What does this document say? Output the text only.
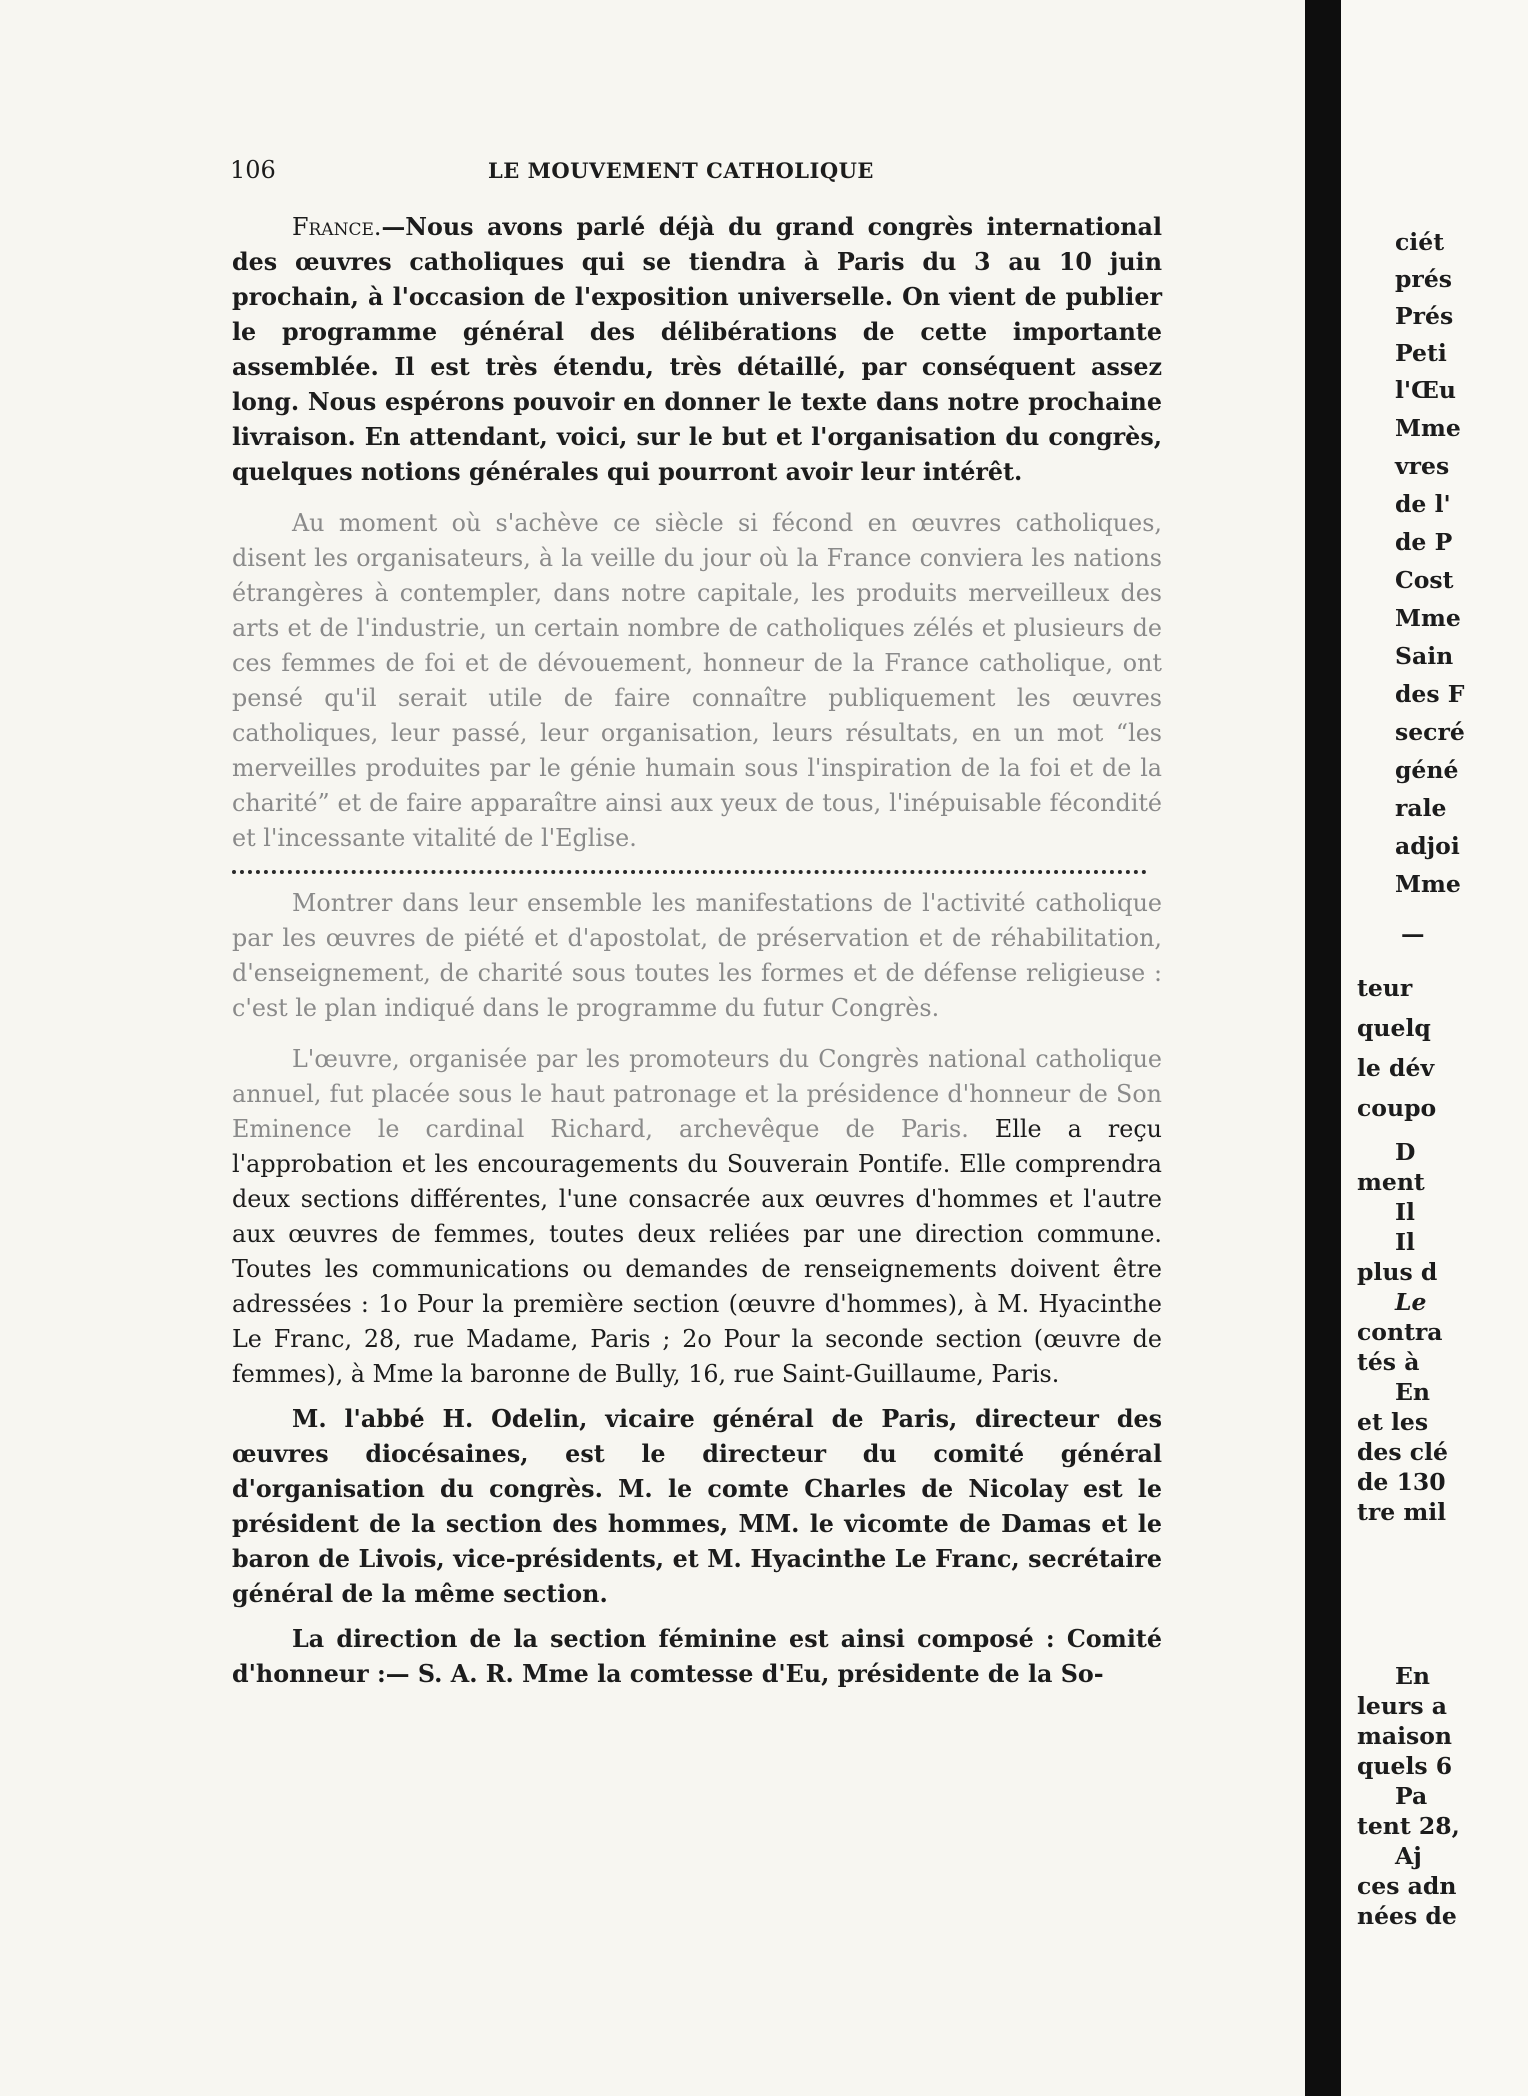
106	LE MOUVEMENT CATHOLIQUE

France.—Nous avons parlé déjà du grand congrès international des œuvres catholiques qui se tiendra à Paris du 3 au 10 juin prochain, à l'occasion de l'exposition universelle. On vient de publier le programme général des délibérations de cette importante assemblée. Il est très étendu, très détaillé, par conséquent assez long. Nous espérons pouvoir en donner le texte dans notre prochaine livraison. En attendant, voici, sur le but et l'organisation du congrès, quelques notions générales qui pourront avoir leur intérêt.

Au moment où s'achève ce siècle si fécond en œuvres catholiques, disent les organisateurs, à la veille du jour où la France conviera les nations étrangères à contempler, dans notre capitale, les produits merveilleux des arts et de l'industrie, un certain nombre de catholiques zélés et plusieurs de ces femmes de foi et de dévouement, honneur de la France catholique, ont pensé qu'il serait utile de faire connaître publiquement les œuvres catholiques, leur passé, leur organisation, leurs résultats, en un mot “les merveilles produites par le génie humain sous l'inspiration de la foi et de la charité” et de faire apparaître ainsi aux yeux de tous, l'inépuisable fécondité et l'incessante vitalité de l'Eglise.

Montrer dans leur ensemble les manifestations de l'activité catholique par les œuvres de piété et d'apostolat, de préservation et de réhabilitation, d'enseignement, de charité sous toutes les formes et de défense religieuse : c'est le plan indiqué dans le programme du futur Congrès.

L'œuvre, organisée par les promoteurs du Congrès national catholique annuel, fut placée sous le haut patronage et la présidence d'honneur de Son Eminence le cardinal Richard, archevêque de Paris. Elle a reçu l'approbation et les encouragements du Souverain Pontife. Elle comprendra deux sections différentes, l'une consacrée aux œuvres d'hommes et l'autre aux œuvres de femmes, toutes deux reliées par une direction commune. Toutes les communications ou demandes de renseignements doivent être adressées : 1o Pour la première section (œuvre d'hommes), à M. Hyacinthe Le Franc, 28, rue Madame, Paris ; 2o Pour la seconde section (œuvre de femmes), à Mme la baronne de Bully, 16, rue Saint-Guillaume, Paris.

M. l'abbé H. Odelin, vicaire général de Paris, directeur des œuvres diocésaines, est le directeur du comité général d'organisation du congrès. M. le comte Charles de Nicolay est le président de la section des hommes, MM. le vicomte de Damas et le baron de Livois, vice-présidents, et M. Hyacinthe Le Franc, secrétaire général de la même section.

La direction de la section féminine est ainsi composé : Comité d'honneur :— S. A. R. Mme la comtesse d'Eu, présidente de la So-

ciét
prés
Prés
Peti
l'Œu
Mme
vres
de l'
de P
Cost
Mme
Sain
des F
secré
géné
rale
adjoi
Mme
—
teur
quelq
le dév
coupo
D
ment
Il
Il
plus d
Le
contra
tés à
En
et les
des clé
de 130
tre mil
En
leurs a
maison
quels 6
Pa
tent 28,
Aj
ces adn
nées de
